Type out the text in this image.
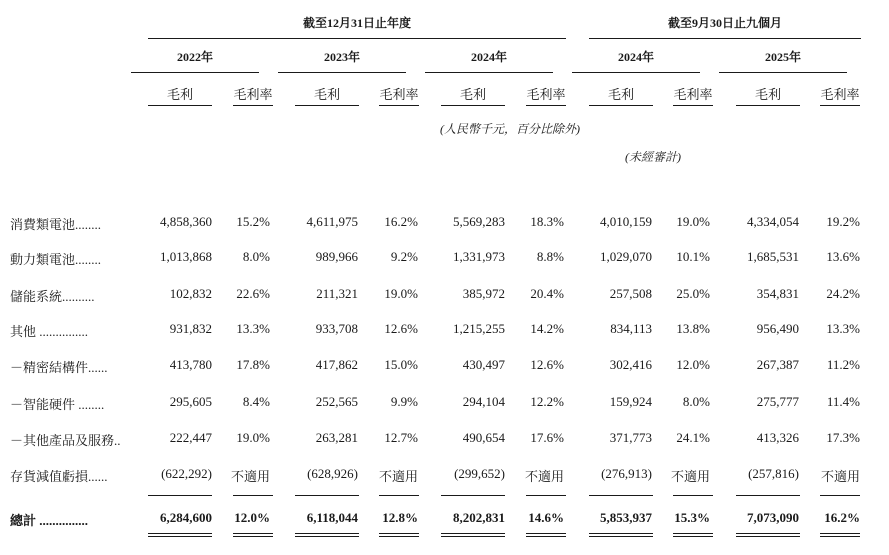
截至12月31日止年度	截至9月30日止九個月
2022年	2023年	2024年	2024年	2025年
毛利	毛利率	毛利	毛利率	毛利	毛利率	毛利	毛利率	毛利	毛利率
(人民幣千元，百分比除外)
(未經審計)
消費類電池........	4,858,360	15.2%	4,611,975	16.2%	5,569,283	18.3%	4,010,159	19.0%	4,334,054	19.2%
動力類電池........	1,013,868	8.0%	989,966	9.2%	1,331,973	8.8%	1,029,070	10.1%	1,685,531	13.6%
儲能系統..........	102,832	22.6%	211,321	19.0%	385,972	20.4%	257,508	25.0%	354,831	24.2%
其他 ...............	931,832	13.3%	933,708	12.6%	1,215,255	14.2%	834,113	13.8%	956,490	13.3%
－精密結構件......	413,780	17.8%	417,862	15.0%	430,497	12.6%	302,416	12.0%	267,387	11.2%
－智能硬件 ........	295,605	8.4%	252,565	9.9%	294,104	12.2%	159,924	8.0%	275,777	11.4%
－其他產品及服務..	222,447	19.0%	263,281	12.7%	490,654	17.6%	371,773	24.1%	413,326	17.3%
存貨減值虧損......	(622,292)	不適用	(628,926)	不適用	(299,652)	不適用	(276,913)	不適用	(257,816)	不適用
總計 ...............	6,284,600	12.0%	6,118,044	12.8%	8,202,831	14.6%	5,853,937	15.3%	7,073,090	16.2%
